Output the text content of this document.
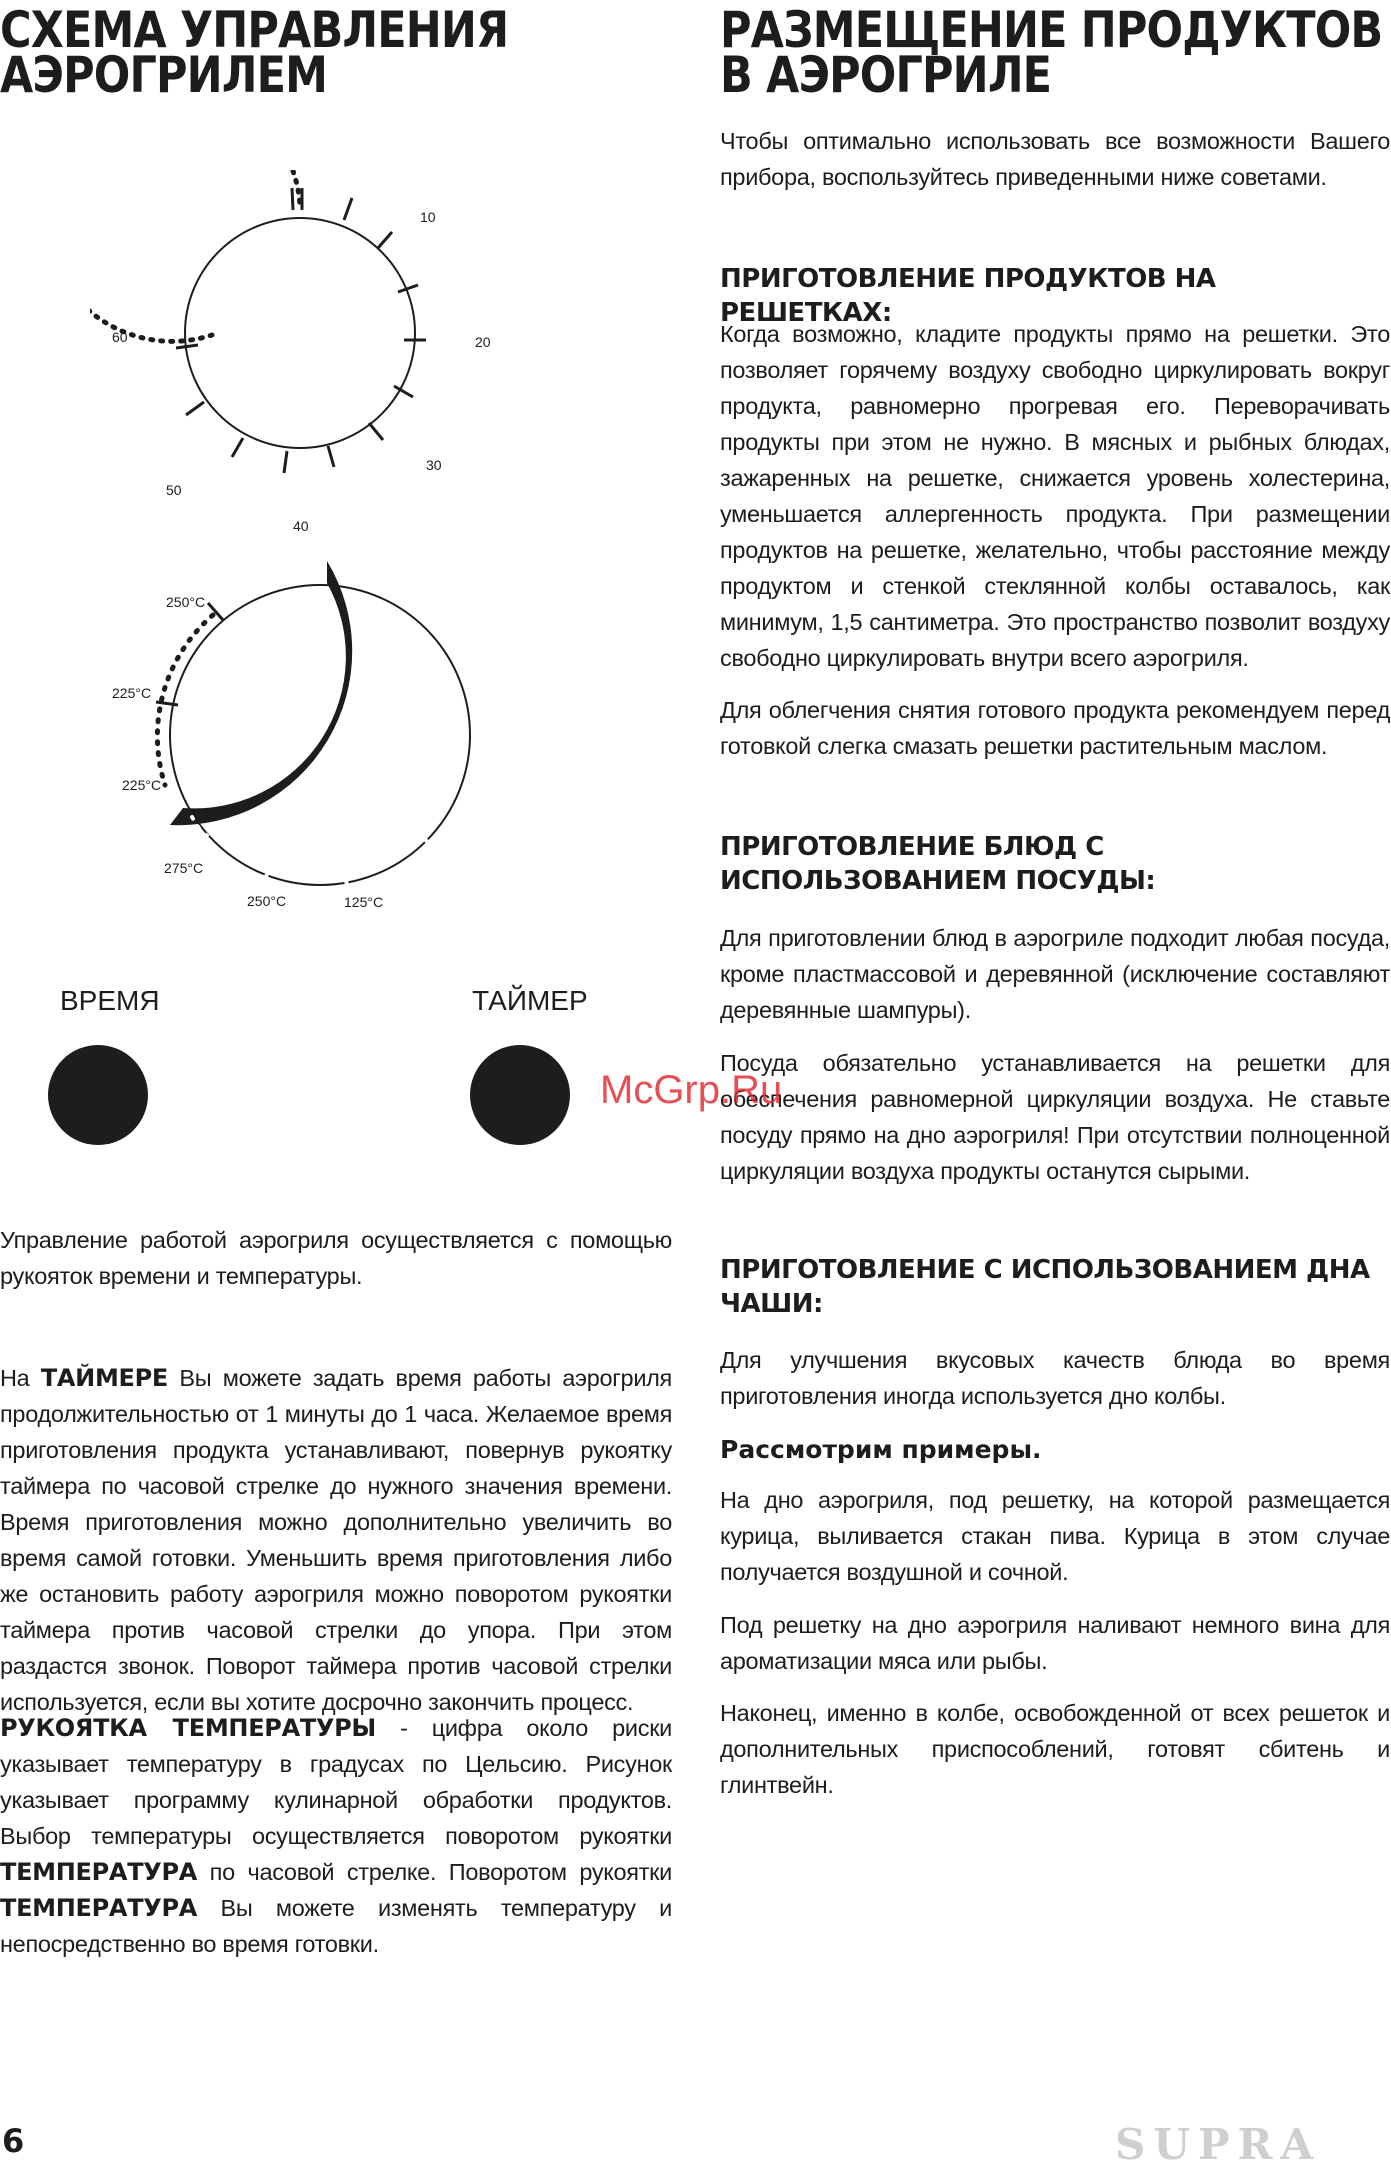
СХЕМА УПРАВЛЕНИЯ
АЭРОГРИЛЕМ
10
20
30
40
50
60
250°C
225°C
225°C
275°C
250°C	125°C
ВРЕМЯ	ТАЙМЕР

Управление работой аэрогриля осуществляется с помощью рукояток времени и температуры.

На ТАЙМЕРЕ Вы можете задать время работы аэрогриля продолжительностью от 1 минуты до 1 часа. Желаемое время приготовления продукта устанавливают, повернув рукоятку таймера по часовой стрелке до нужного значения времени. Время приготовления можно дополнительно увеличить во время самой готовки. Уменьшить время приготовления либо же остановить работу аэрогриля можно поворотом рукоятки таймера против часовой стрелки до упора. При этом раздастся звонок. Поворот таймера против часовой стрелки используется, если вы хотите досрочно закончить процесс.

РУКОЯТКА ТЕМПЕРАТУРЫ - цифра около риски указывает температуру в градусах по Цельсию. Рисунок указывает программу кулинарной обработки продуктов. Выбор температуры осуществляется поворотом рукоятки ТЕМПЕРАТУРА по часовой стрелке. Поворотом рукоятки ТЕМПЕРАТУРА Вы можете изменять температуру и непосредственно во время готовки.

РАЗМЕЩЕНИЕ ПРОДУКТОВ
В АЭРОГРИЛЕ

Чтобы оптимально использовать все возможности Вашего прибора, воспользуйтесь приведенными ниже советами.

ПРИГОТОВЛЕНИЕ ПРОДУКТОВ НА РЕШЕТКАХ:

Когда возможно, кладите продукты прямо на решетки. Это позволяет горячему воздуху свободно циркулировать вокруг продукта, равномерно прогревая его. Переворачивать продукты при этом не нужно. В мясных и рыбных блюдах, зажаренных на решетке, снижается уровень холестерина, уменьшается аллергенность продукта. При размещении продуктов на решетке, желательно, чтобы расстояние между продуктом и стенкой стеклянной колбы оставалось, как минимум, 1,5 сантиметра. Это пространство позволит воздуху свободно циркулировать внутри всего аэрогриля.

Для облегчения снятия готового продукта рекомендуем перед готовкой слегка смазать решетки растительным маслом.

ПРИГОТОВЛЕНИЕ БЛЮД С ИСПОЛЬЗОВАНИЕМ ПОСУДЫ:

Для приготовлении блюд в аэрогриле подходит любая посуда, кроме пластмассовой и деревянной (исключение составляют деревянные шампуры).

Посуда обязательно устанавливается на решетки для обеспечения равномерной циркуляции воздуха. Не ставьте посуду прямо на дно аэрогриля! При отсутствии полноценной циркуляции воздуха продукты останутся сырыми.

ПРИГОТОВЛЕНИЕ С ИСПОЛЬЗОВАНИЕМ ДНА ЧАШИ:

Для улучшения вкусовых качеств блюда во время приготовления иногда используется дно колбы.

Рассмотрим примеры.

На дно аэрогриля, под решетку, на которой размещается курица, выливается стакан пива. Курица в этом случае получается воздушной и сочной.

Под решетку на дно аэрогриля наливают немного вина для ароматизации мяса или рыбы.

Наконец, именно в колбе, освобожденной от всех решеток и дополнительных приспособлений, готовят сбитень и глинтвейн.

McGrp.Ru
6	SUPRA
